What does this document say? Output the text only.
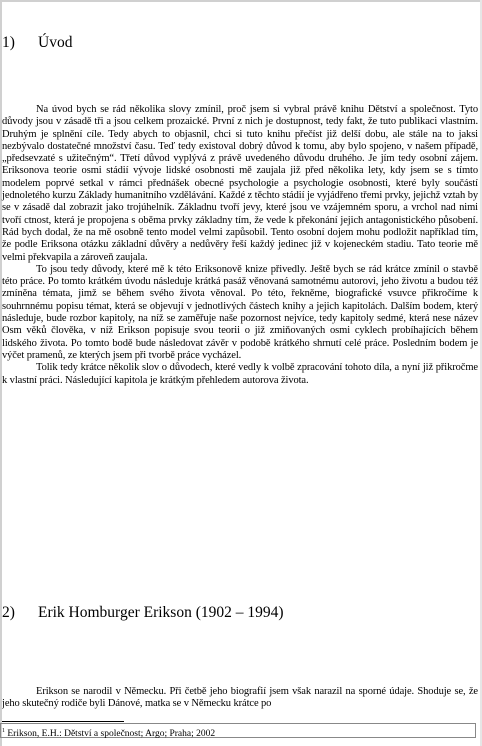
1) Úvod

Na úvod bych se rád několika slovy zmínil, proč jsem si vybral právě knihu Dětství a společnost. Tyto důvody jsou v zásadě tři a jsou celkem prozaické. První z nich je dostupnost, tedy fakt, že tuto publikaci vlastním. Druhým je splnění cíle. Tedy abych to objasnil, chci si tuto knihu přečíst již delší dobu, ale stále na to jaksi nezbývalo dostatečné množství času. Teď tedy existoval dobrý důvod k tomu, aby bylo spojeno, v našem případě, „předsevzaté s užitečným“. Třetí důvod vyplývá z právě uvedeného důvodu druhého. Je jím tedy osobní zájem. Eriksonova teorie osmi stádií vývoje lidské osobnosti mě zaujala již před několika lety, kdy jsem se s tímto modelem poprvé setkal v rámci přednášek obecné psychologie a psychologie osobnosti, které byly součástí jednoletého kurzu Základy humanitního vzdělávání. Každé z těchto stádií je vyjádřeno třemi prvky, jejichž vztah by se v zásadě dal zobrazit jako trojúhelník. Základnu tvoří jevy, které jsou ve vzájemném sporu, a vrchol nad nimi tvoří ctnost, která je propojena s oběma prvky základny tím, že vede k překonání jejich antagonistického působení. Rád bych dodal, že na mě osobně tento model velmi zapůsobil. Tento osobní dojem mohu podložit například tím, že podle Eriksona otázku základní důvěry a nedůvěry řeší každý jedinec již v kojeneckém stadiu. Tato teorie mě velmi překvapila a zároveň zaujala.

To jsou tedy důvody, které mě k této Eriksonově knize přivedly. Ještě bych se rád krátce zmínil o stavbě této práce. Po tomto krátkém úvodu následuje krátká pasáž věnovaná samotnému autorovi, jeho životu a budou též zmíněna témata, jimž se během svého života věnoval. Po této, řekněme, biografické vsuvce přikročíme k souhrnnému popisu témat, která se objevují v jednotlivých částech knihy a jejich kapitolách. Dalším bodem, který následuje, bude rozbor kapitoly, na níž se zaměřuje naše pozornost nejvíce, tedy kapitoly sedmé, která nese název Osm věků člověka, v níž Erikson popisuje svou teorii o již zmiňovaných osmi cyklech probíhajících během lidského života. Po tomto bodě bude následovat závěr v podobě krátkého shrnutí celé práce. Posledním bodem je výčet pramenů, ze kterých jsem při tvorbě práce vycházel.

Tolik tedy krátce několik slov o důvodech, které vedly k volbě zpracování tohoto díla, a nyní již přikročme k vlastní práci. Následující kapitola je krátkým přehledem autorova života.

2) Erik Homburger Erikson (1902 – 1994)

Erikson se narodil v Německu. Při četbě jeho biografií jsem však narazil na sporné údaje. Shoduje se, že jeho skutečný rodiče byli Dánové, matka se v Německu krátce po

$^1$ Erikson, E.H.: Dětství a společnost; Argo; Praha; 2002
